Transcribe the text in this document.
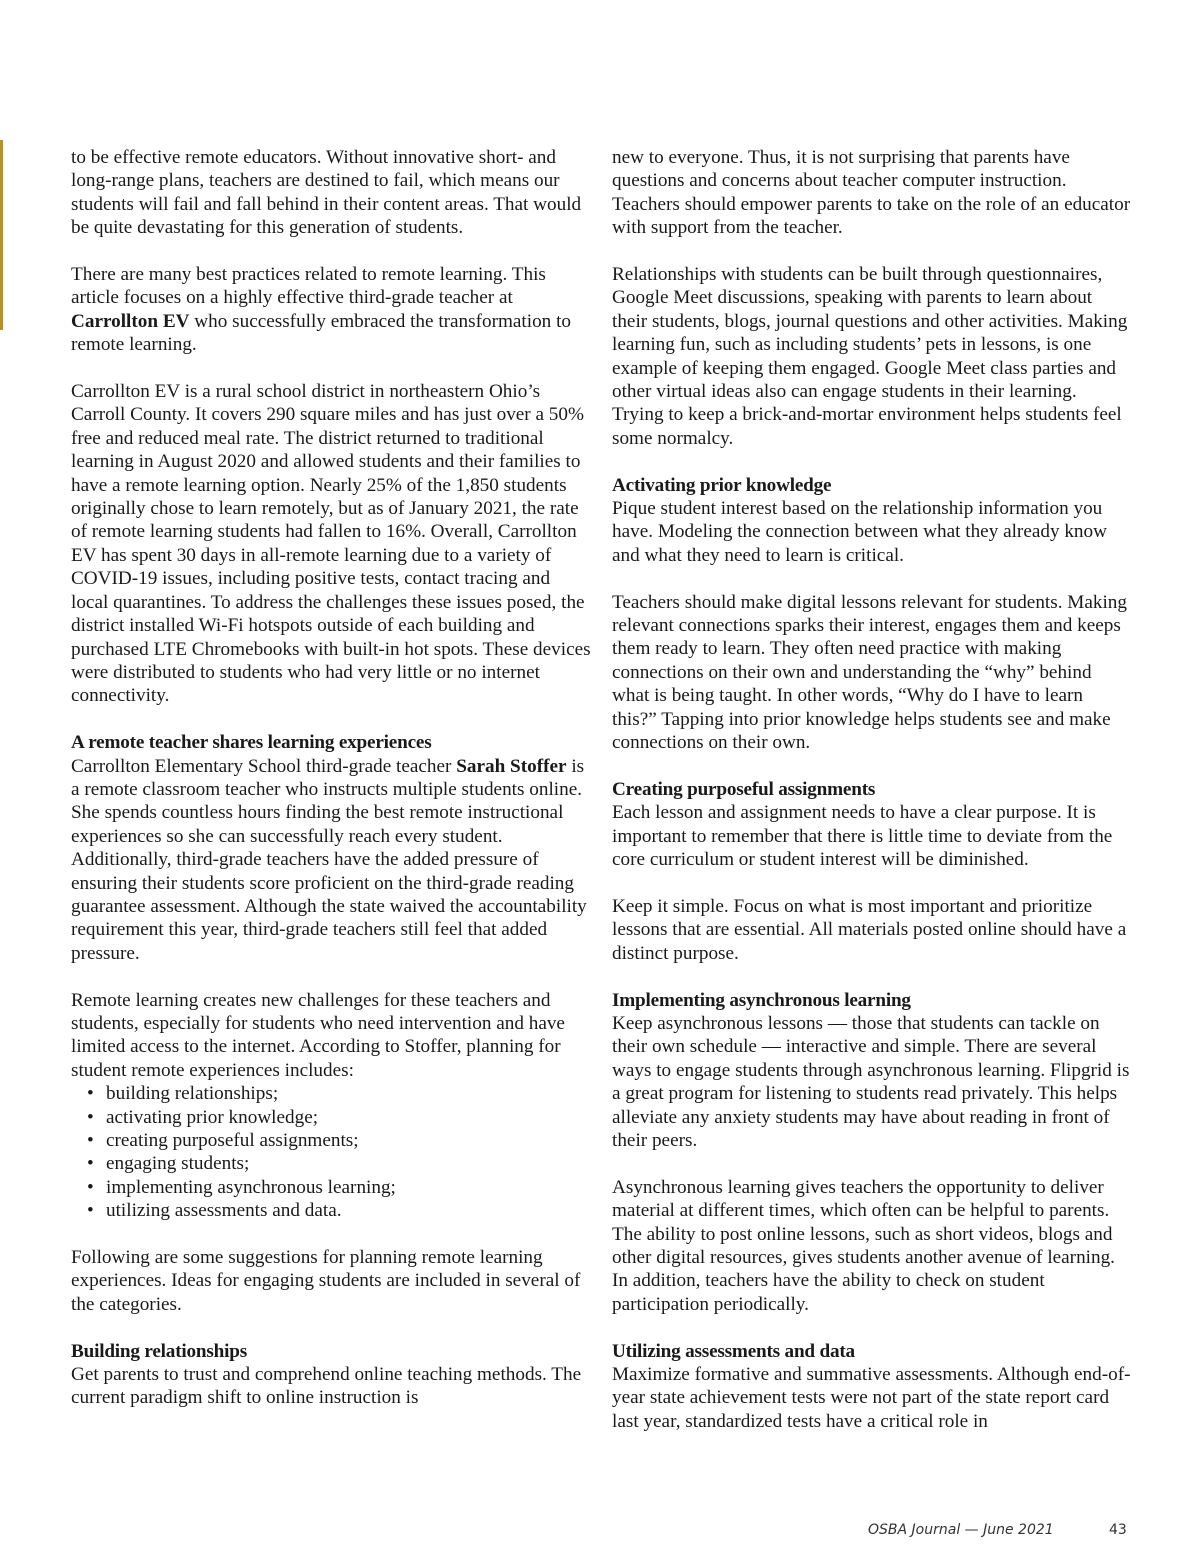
to be effective remote educators. Without innovative short- and long-range plans, teachers are destined to fail, which means our students will fail and fall behind in their content areas. That would be quite devastating for this generation of students.

There are many best practices related to remote learning. This article focuses on a highly effective third-grade teacher at Carrollton EV who successfully embraced the transformation to remote learning.

Carrollton EV is a rural school district in northeastern Ohio’s Carroll County. It covers 290 square miles and has just over a 50% free and reduced meal rate. The district returned to traditional learning in August 2020 and allowed students and their families to have a remote learning option. Nearly 25% of the 1,850 students originally chose to learn remotely, but as of January 2021, the rate of remote learning students had fallen to 16%. Overall, Carrollton EV has spent 30 days in all-remote learning due to a variety of COVID-19 issues, including positive tests, contact tracing and local quarantines. To address the challenges these issues posed, the district installed Wi-Fi hotspots outside of each building and purchased LTE Chromebooks with built-in hot spots. These devices were distributed to students who had very little or no internet connectivity.

A remote teacher shares learning experiences

Carrollton Elementary School third-grade teacher Sarah Stoffer is a remote classroom teacher who instructs multiple students online. She spends countless hours finding the best remote instructional experiences so she can successfully reach every student. Additionally, third-grade teachers have the added pressure of ensuring their students score proficient on the third-grade reading guarantee assessment. Although the state waived the accountability requirement this year, third-grade teachers still feel that added pressure.

Remote learning creates new challenges for these teachers and students, especially for students who need intervention and have limited access to the internet. According to Stoffer, planning for student remote experiences includes:

• building relationships;
• activating prior knowledge;
• creating purposeful assignments;
• engaging students;
• implementing asynchronous learning;
• utilizing assessments and data.

Following are some suggestions for planning remote learning experiences. Ideas for engaging students are included in several of the categories.

Building relationships

Get parents to trust and comprehend online teaching methods. The current paradigm shift to online instruction is

new to everyone. Thus, it is not surprising that parents have questions and concerns about teacher computer instruction. Teachers should empower parents to take on the role of an educator with support from the teacher.

Relationships with students can be built through questionnaires, Google Meet discussions, speaking with parents to learn about their students, blogs, journal questions and other activities. Making learning fun, such as including students’ pets in lessons, is one example of keeping them engaged. Google Meet class parties and other virtual ideas also can engage students in their learning. Trying to keep a brick-and-mortar environment helps students feel some normalcy.

Activating prior knowledge

Pique student interest based on the relationship information you have. Modeling the connection between what they already know and what they need to learn is critical.

Teachers should make digital lessons relevant for students. Making relevant connections sparks their interest, engages them and keeps them ready to learn. They often need practice with making connections on their own and understanding the “why” behind what is being taught. In other words, “Why do I have to learn this?” Tapping into prior knowledge helps students see and make connections on their own.

Creating purposeful assignments

Each lesson and assignment needs to have a clear purpose. It is important to remember that there is little time to deviate from the core curriculum or student interest will be diminished.

Keep it simple. Focus on what is most important and prioritize lessons that are essential. All materials posted online should have a distinct purpose.

Implementing asynchronous learning

Keep asynchronous lessons — those that students can tackle on their own schedule — interactive and simple. There are several ways to engage students through asynchronous learning. Flipgrid is a great program for listening to students read privately. This helps alleviate any anxiety students may have about reading in front of their peers.

Asynchronous learning gives teachers the opportunity to deliver material at different times, which often can be helpful to parents. The ability to post online lessons, such as short videos, blogs and other digital resources, gives students another avenue of learning. In addition, teachers have the ability to check on student participation periodically.

Utilizing assessments and data

Maximize formative and summative assessments. Although end-of-year state achievement tests were not part of the state report card last year, standardized tests have a critical role in

OSBA Journal — June 2021	43
